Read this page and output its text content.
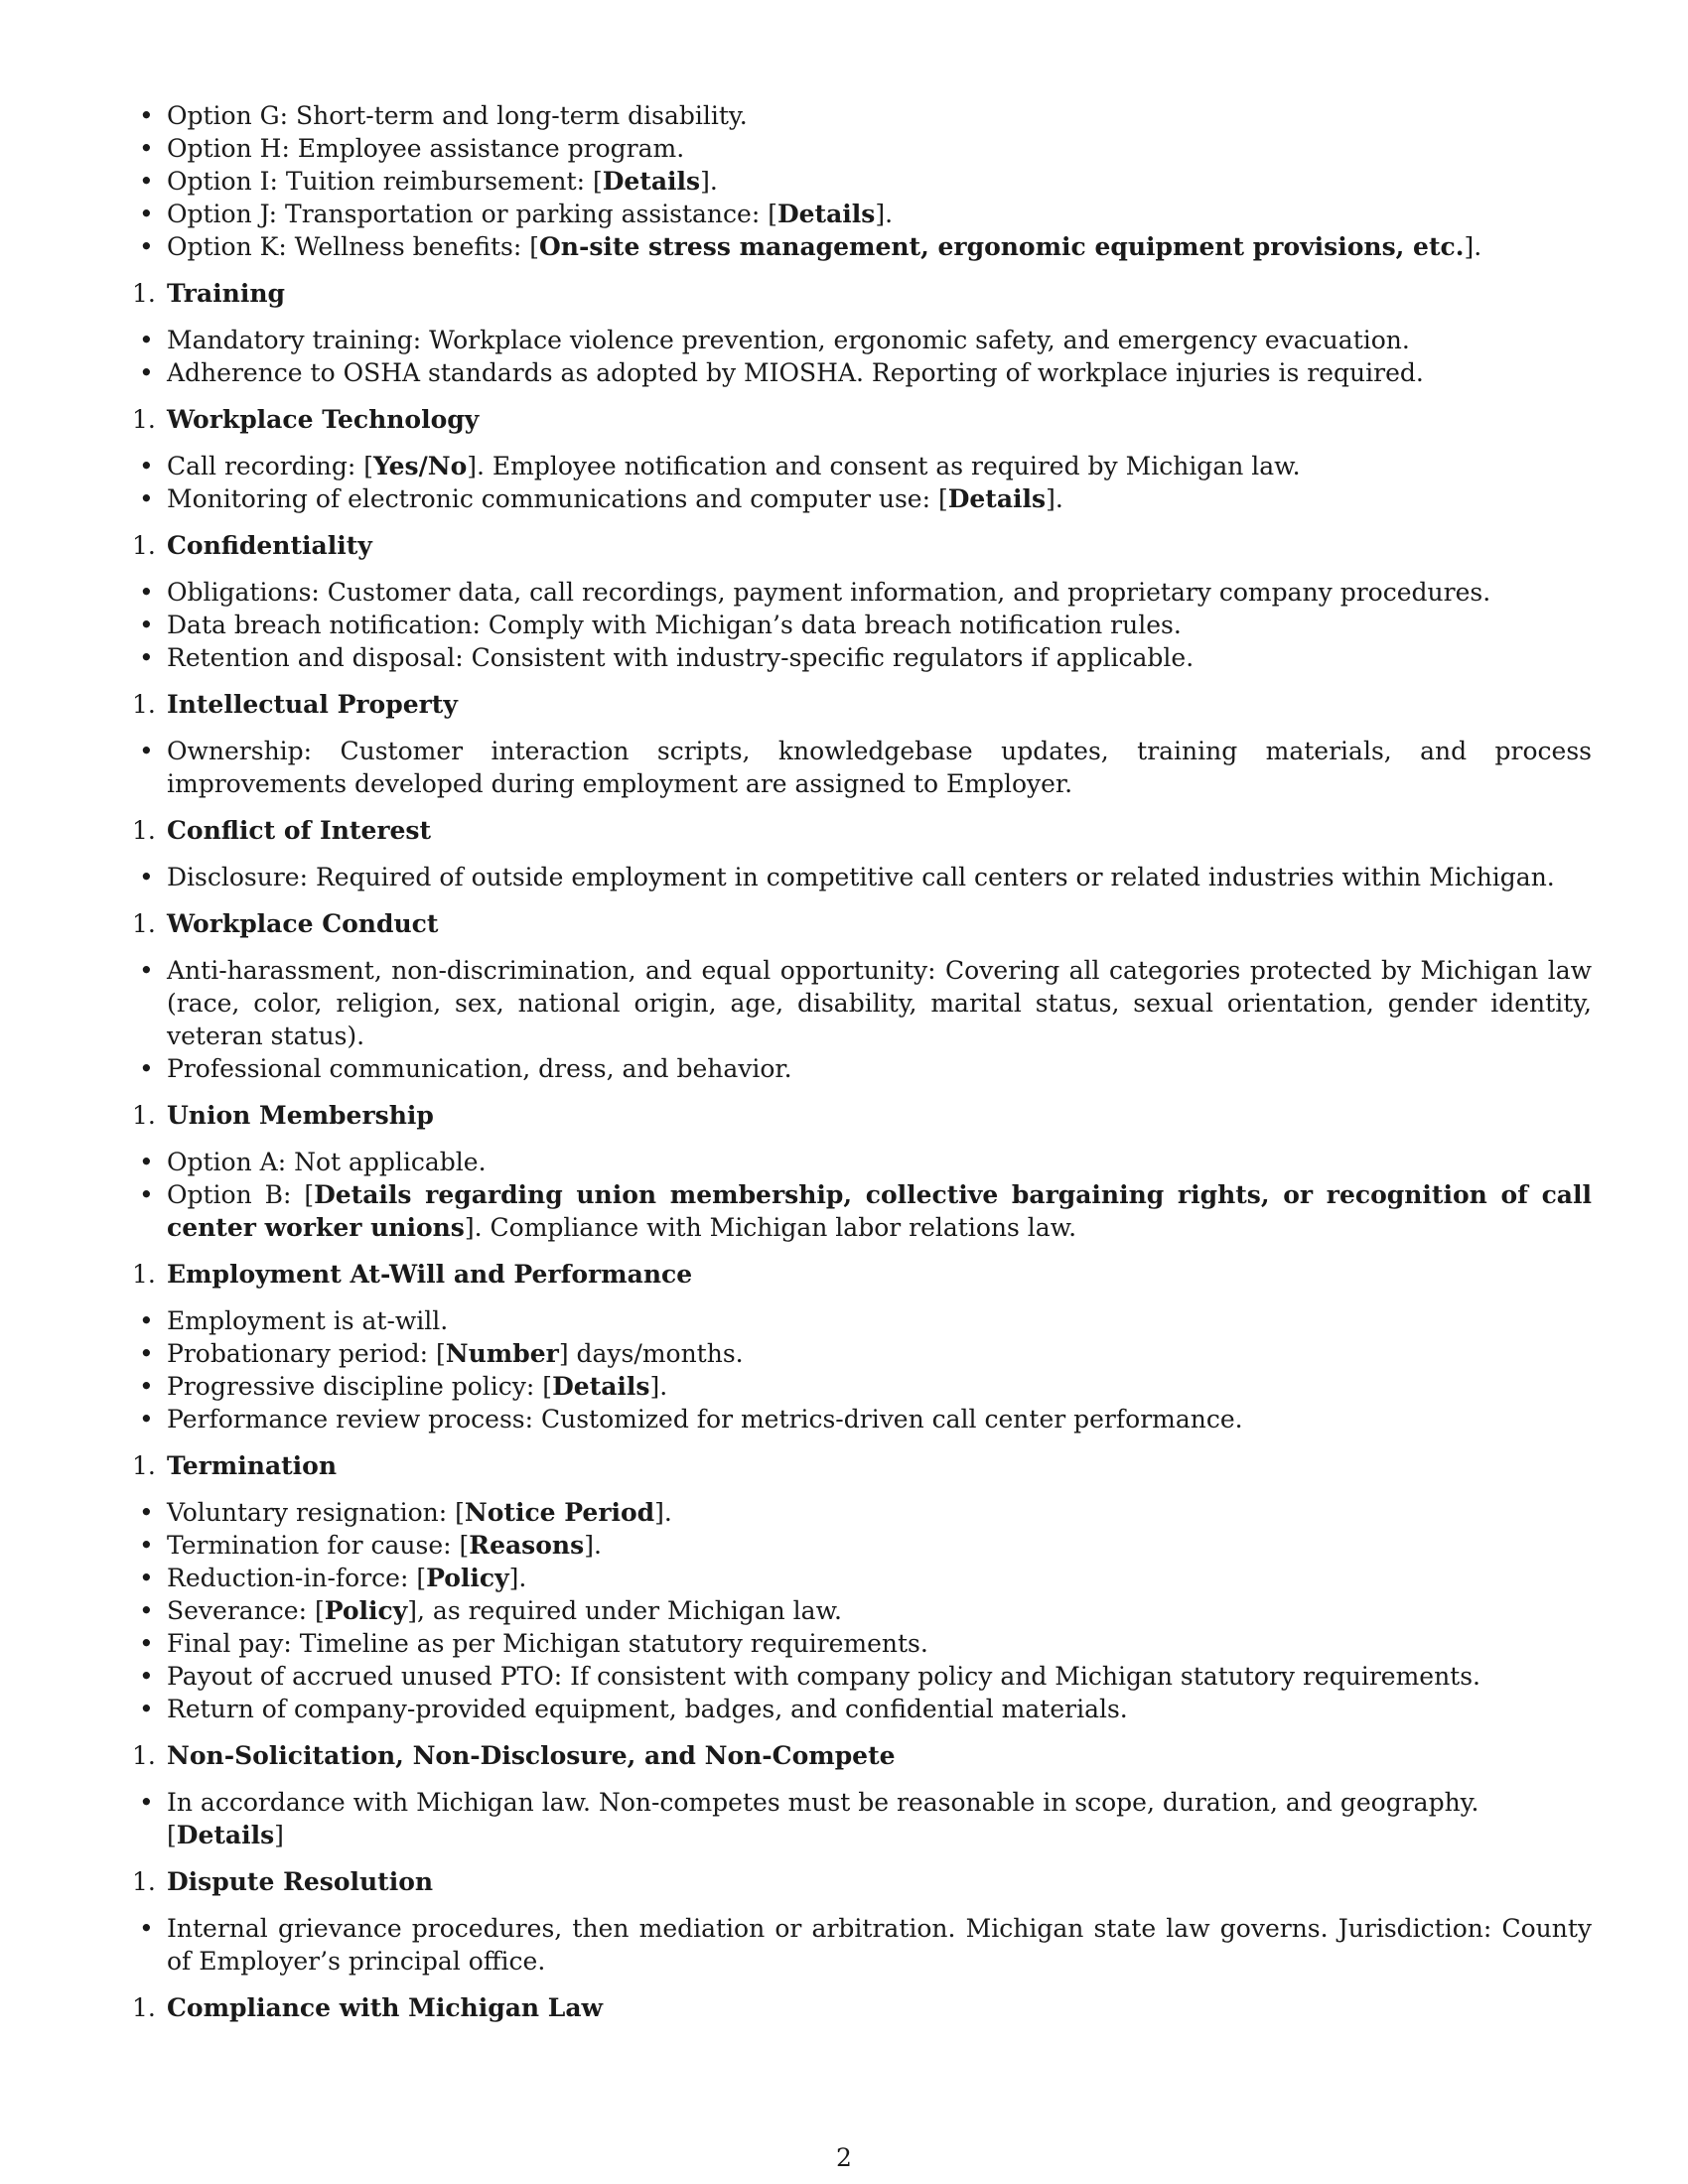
• Option G: Short-term and long-term disability.
• Option H: Employee assistance program.
• Option I: Tuition reimbursement: [Details].
• Option J: Transportation or parking assistance: [Details].
• Option K: Wellness benefits: [On-site stress management, ergonomic equipment provisions, etc.].
1. Training
• Mandatory training: Workplace violence prevention, ergonomic safety, and emergency evacuation.
• Adherence to OSHA standards as adopted by MIOSHA. Reporting of workplace injuries is required.
1. Workplace Technology
• Call recording: [Yes/No]. Employee notification and consent as required by Michigan law.
• Monitoring of electronic communications and computer use: [Details].
1. Confidentiality
• Obligations: Customer data, call recordings, payment information, and proprietary company procedures.
• Data breach notification: Comply with Michigan’s data breach notification rules.
• Retention and disposal: Consistent with industry-specific regulators if applicable.
1. Intellectual Property
• Ownership: Customer interaction scripts, knowledgebase updates, training materials, and process improvements developed during employment are assigned to Employer.
1. Conflict of Interest
• Disclosure: Required of outside employment in competitive call centers or related industries within Michigan.
1. Workplace Conduct
• Anti-harassment, non-discrimination, and equal opportunity: Covering all categories protected by Michigan law (race, color, religion, sex, national origin, age, disability, marital status, sexual orientation, gender identity, veteran status).
• Professional communication, dress, and behavior.
1. Union Membership
• Option A: Not applicable.
• Option B: [Details regarding union membership, collective bargaining rights, or recognition of call center worker unions]. Compliance with Michigan labor relations law.
1. Employment At-Will and Performance
• Employment is at-will.
• Probationary period: [Number] days/months.
• Progressive discipline policy: [Details].
• Performance review process: Customized for metrics-driven call center performance.
1. Termination
• Voluntary resignation: [Notice Period].
• Termination for cause: [Reasons].
• Reduction-in-force: [Policy].
• Severance: [Policy], as required under Michigan law.
• Final pay: Timeline as per Michigan statutory requirements.
• Payout of accrued unused PTO: If consistent with company policy and Michigan statutory requirements.
• Return of company-provided equipment, badges, and confidential materials.
1. Non-Solicitation, Non-Disclosure, and Non-Compete
• In accordance with Michigan law. Non-competes must be reasonable in scope, duration, and geography. [Details]
1. Dispute Resolution
• Internal grievance procedures, then mediation or arbitration. Michigan state law governs. Jurisdiction: County of Employer’s principal office.
1. Compliance with Michigan Law
2
